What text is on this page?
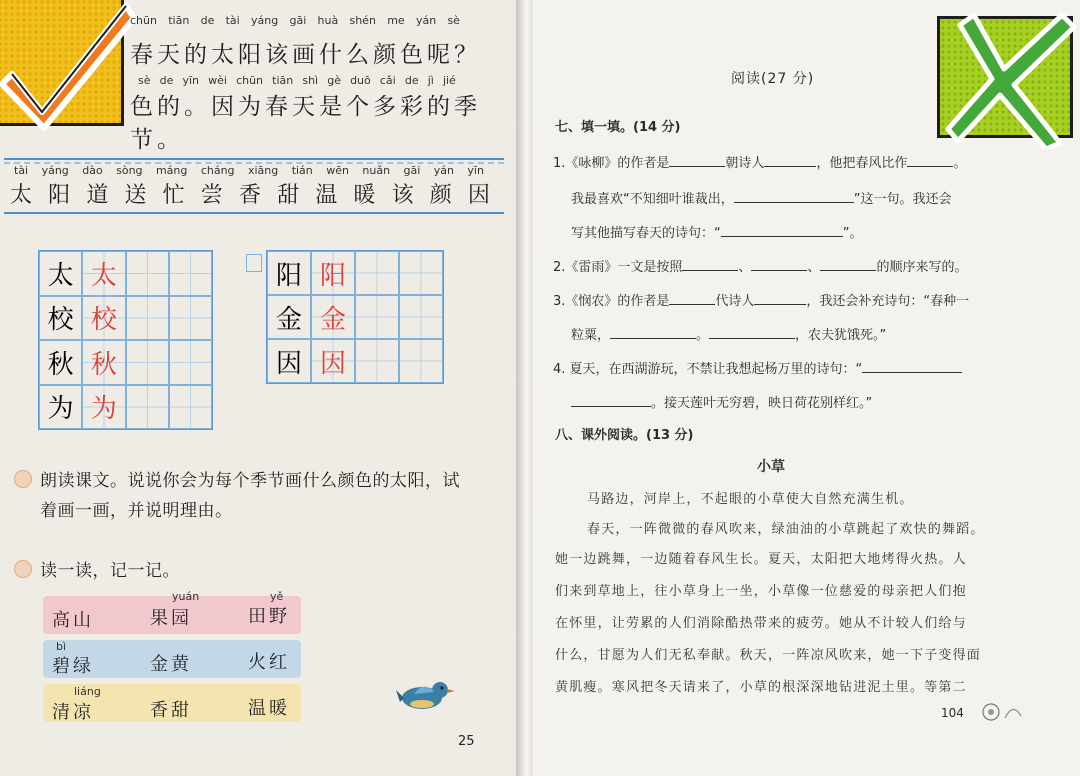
chūn tiān de tài yáng gāi huà shén me yán sè
春天的太阳该画什么颜色呢？
sè de yīn wèi chūn tiān shì gè duō cǎi de jì jié
色的。因为春天是个多彩的季节。
tài yáng dào sòng máng cháng xiāng tián wēn nuǎn gāi yán yīn
太 阳 道 送 忙 尝 香 甜 温 暖 该 颜 因
太 太
校 校
秋 秋
为 为
阳 阳
金 金
因 因
朗读课文。说说你会为每个季节画什么颜色的太阳，试
着画一画，并说明理由。
读一读，记一记。
yuán	yě
高山	果园	田野
bì
碧绿	金黄	火红
liáng
清凉	香甜	温暖
25
阅读(27 分)
七、填一填。(14 分)
1.《咏柳》的作者是	朝诗人	，他把春风比作	。
我最喜欢“不知细叶谁裁出，	”这一句。我还会
写其他描写春天的诗句：“	”。
2.《雷雨》一文是按照	、	、	的顺序来写的。
3.《悯农》的作者是	代诗人	，我还会补充诗句：“春种一
粒粟，	。	，农夫犹饿死。”
4. 夏天，在西湖游玩，不禁让我想起杨万里的诗句：“
。接天莲叶无穷碧，映日荷花别样红。”
八、课外阅读。(13 分)
小草
马路边，河岸上，不起眼的小草使大自然充满生机。
春天，一阵微微的春风吹来，绿油油的小草跳起了欢快的舞蹈。
她一边跳舞，一边随着春风生长。夏天，太阳把大地烤得火热。人
们来到草地上，往小草身上一坐，小草像一位慈爱的母亲把人们抱
在怀里，让劳累的人们消除酷热带来的疲劳。她从不计较人们给与
什么，甘愿为人们无私奉献。秋天，一阵凉风吹来，她一下子变得面
黄肌瘦。寒风把冬天请来了，小草的根深深地钻进泥土里。等第二
104
